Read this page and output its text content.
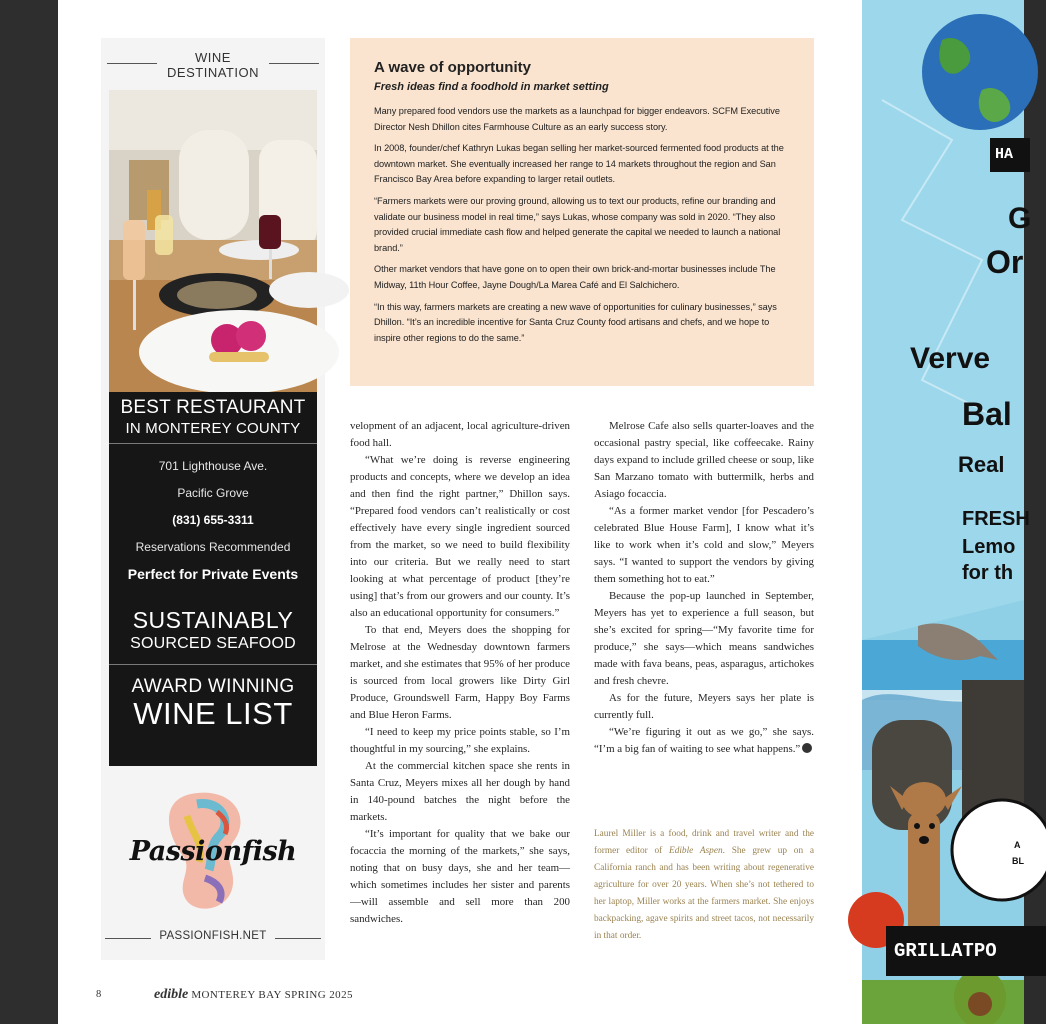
WINE
DESTINATION
BEST RESTAURANT
IN MONTEREY COUNTY
701 Lighthouse Ave.
Pacific Grove
(831) 655-3311
Reservations Recommended
Perfect for Private Events
SUSTAINABLY
SOURCED SEAFOOD
AWARD WINNING
WINE LIST
Passionfish
PASSIONFISH.NET
A wave of opportunity
Fresh ideas find a foodhold in market setting

Many prepared food vendors use the markets as a launchpad for bigger endeavors. SCFM Executive Director Nesh Dhillon cites Farmhouse Culture as an early success story.

In 2008, founder/chef Kathryn Lukas began selling her market-sourced fermented food products at the downtown market. She eventually increased her range to 14 markets throughout the region and San Francisco Bay Area before expanding to larger retail outlets.

“Farmers markets were our proving ground, allowing us to text our products, refine our branding and validate our business model in real time,” says Lukas, whose company was sold in 2020. “They also provided crucial immediate cash flow and helped generate the capital we needed to launch a national brand.”

Other market vendors that have gone on to open their own brick-and-mortar businesses include The Midway, 11th Hour Coffee, Jayne Dough/La Marea Café and El Salchichero.

“In this way, farmers markets are creating a new wave of opportunities for culinary businesses,” says Dhillon. “It’s an incredible incentive for Santa Cruz County food artisans and chefs, and we hope to inspire other regions to do the same.”

velopment of an adjacent, local agriculture-driven food hall.

“What we’re doing is reverse engineering products and concepts, where we develop an idea and then find the right partner,” Dhillon says. “Prepared food vendors can’t realistically or cost effectively have every single ingredient sourced from the market, so we need to build flexibility into our criteria. But we really need to start looking at what percentage of product [they’re using] that’s from our growers and our county. It’s also an educational opportunity for consumers.”

To that end, Meyers does the shopping for Melrose at the Wednesday downtown farmers market, and she estimates that 95% of her produce is sourced from local growers like Dirty Girl Produce, Groundswell Farm, Happy Boy Farms and Blue Heron Farms.

“I need to keep my price points stable, so I’m thoughtful in my sourcing,” she explains.

At the commercial kitchen space she rents in Santa Cruz, Meyers mixes all her dough by hand in 140-pound batches the night before the markets.

“It’s important for quality that we bake our focaccia the morning of the markets,” she says, noting that on busy days, she and her team—which sometimes includes her sister and parents—will assemble and sell more than 200 sandwiches.

Melrose Cafe also sells quarter-loaves and the occasional pastry special, like coffeecake. Rainy days expand to include grilled cheese or soup, like San Marzano tomato with buttermilk, herbs and Asiago focaccia.

“As a former market vendor [for Pescadero’s celebrated Blue House Farm], I know what it’s like to work when it’s cold and slow,” Meyers says. “I wanted to support the vendors by giving them something hot to eat.”

Because the pop-up launched in September, Meyers has yet to experience a full season, but she’s excited for spring—“My favorite time for produce,” she says—which means sandwiches made with fava beans, peas, asparagus, artichokes and fresh chevre.

As for the future, Meyers says her plate is currently full.

“We’re figuring it out as we go,” she says. “I’m a big fan of waiting to see what happens.”

Laurel Miller is a food, drink and travel writer and the former editor of Edible Aspen. She grew up on a California ranch and has been writing about regenerative agriculture for over 20 years. When she’s not tethered to her laptop, Miller works at the farmers market. She enjoys backpacking, agave spirits and street tacos, not necessarily in that order.
8	edible MONTEREY BAY SPRING 2025
HA
G
Or
Verve
Bal
Real
FRESH
Lemo
for th
A
BL
GRILLATPO
